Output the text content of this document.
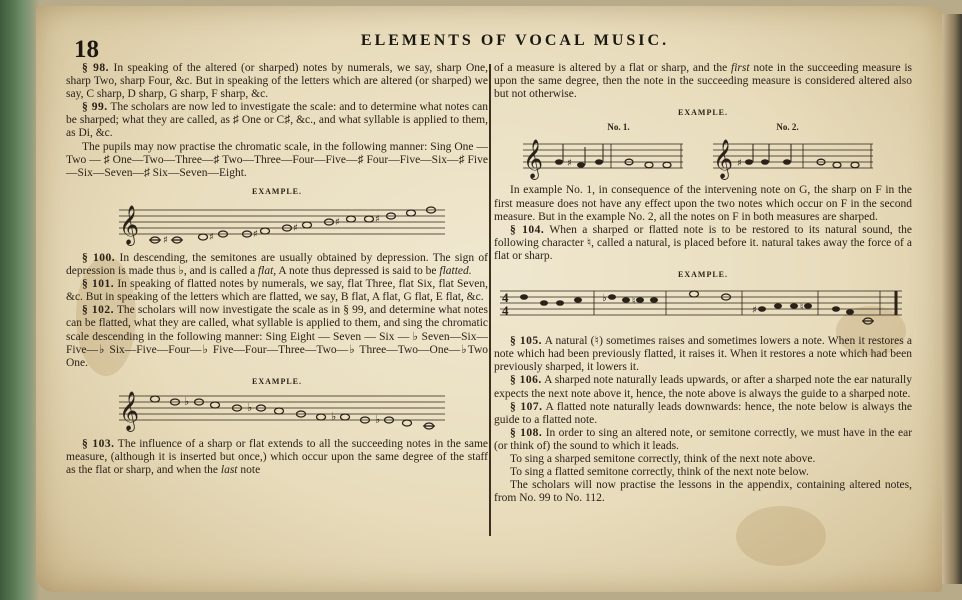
18	ELEMENTS OF VOCAL MUSIC.

§ 98. In speaking of the altered (or sharped) notes by numerals, we say, sharp One, sharp Two, sharp Four, &c. But in speaking of the letters which are altered (or sharped) we say, C sharp, D sharp, G sharp, F sharp, &c.

§ 99. The scholars are now led to investigate the scale: and to determine what notes can be sharped; what they are called, as ♯ One or C♯, &c., and what syllable is applied to them, as Di, &c.

The pupils may now practise the chromatic scale, in the following manner: Sing One — Two — ♯ One—Two—Three—♯ Two—Three—Four—Five—♯ Four—Five—Six—♯ Five—Six—Seven—♯ Six—Seven—Eight.

EXAMPLE.
𝄞 ♯	♯	♯
♯
♯	♯

§ 100. In descending, the semitones are usually obtained by depression. The sign of depression is made thus ♭, and is called a flat, A note thus depressed is said to be flatted.

§ 101. In speaking of flatted notes by numerals, we say, flat Three, flat Six, flat Seven, &c. But in speaking of the letters which are flatted, we say, B flat, A flat, G flat, E flat, &c.

§ 102. The scholars will now investigate the scale as in § 99, and determine what notes can be flatted, what they are called, what syllable is applied to them, and sing the chromatic scale descending in the following manner: Sing Eight — Seven — Six — ♭ Seven—Six—Five—♭ Six—Five—Four—♭ Five—Four—Three—Two—♭ Three—Two—One—♭Two One.

EXAMPLE.
𝄞	♭	♭
♭	♭

§ 103. The influence of a sharp or flat extends to all the succeeding notes in the same measure, (although it is inserted but once,) which occur upon the same degree of the staff as the flat or sharp, and when the last note

of a measure is altered by a flat or sharp, and the first note in the succeeding measure is upon the same degree, then the note in the succeeding measure is considered altered also but not otherwise.

EXAMPLE.
No. 1.	No. 2.
𝄞	𝄞
♯	♯

In example No. 1, in consequence of the intervening note on G, the sharp on F in the first measure does not have any effect upon the two notes which occur on F in the second measure. But in the example No. 2, all the notes on F in both measures are sharped.

§ 104. When a sharped or flatted note is to be restored to its natural sound, the following character ♮, called a natural, is placed before it. natural takes away the force of a flat or sharp.

EXAMPLE.
4
4
♭	♮
♯	♮

§ 105. A natural (♮) sometimes raises and sometimes lowers a note. When it restores a note which had been previously flatted, it raises it. When it restores a note which had been previously sharped, it lowers it.

§ 106. A sharped note naturally leads upwards, or after a sharped note the ear naturally expects the next note above it, hence, the note above is always the guide to a sharped note.

§ 107. A flatted note naturally leads downwards: hence, the note below is always the guide to a flatted note.

§ 108. In order to sing an altered note, or semitone correctly, we must have in the ear (or think of) the sound to which it leads.

To sing a sharped semitone correctly, think of the next note above.

To sing a flatted semitone correctly, think of the next note below.

The scholars will now practise the lessons in the appendix, containing altered notes, from No. 99 to No. 112.
